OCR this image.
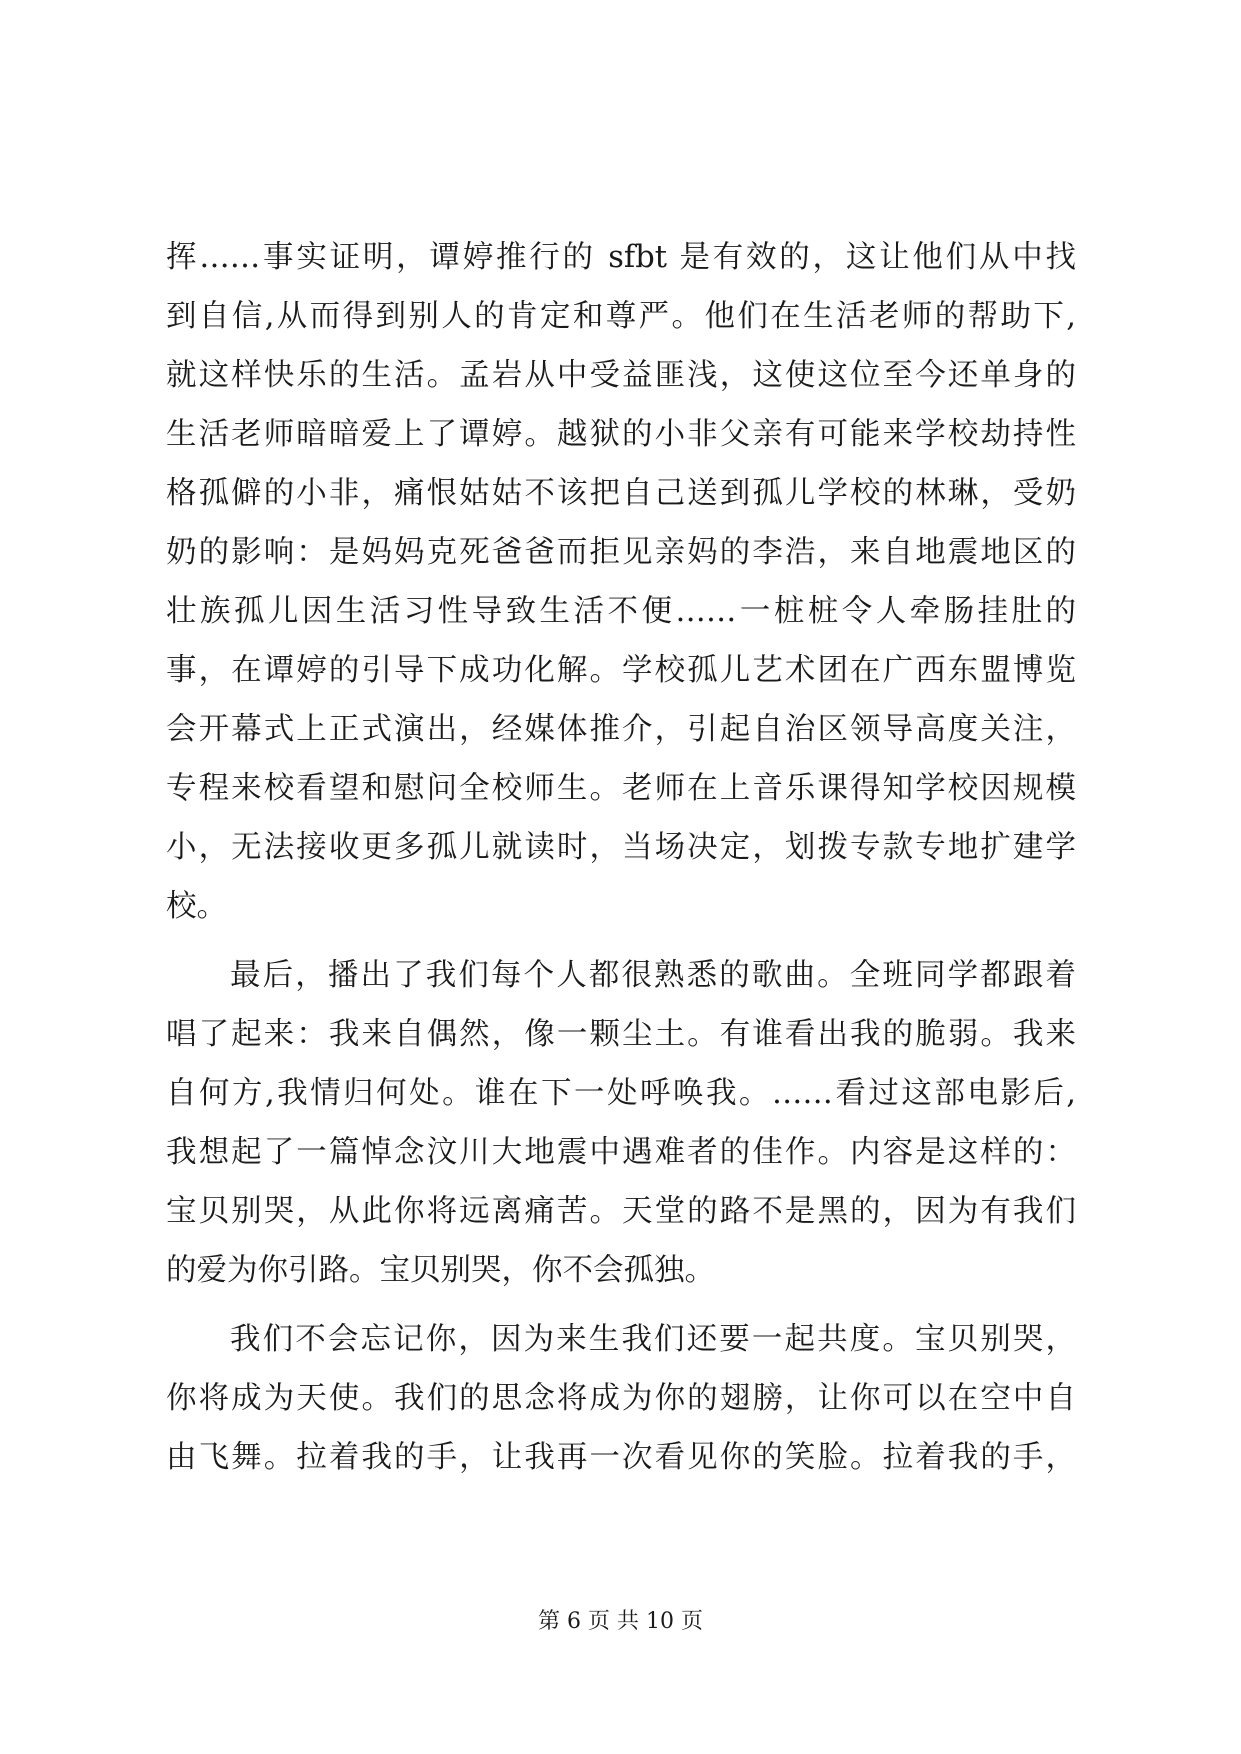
挥……事实证明，谭婷推行的 sfbt 是有效的，这让他们从中找
到自信,从而得到别人的肯定和尊严。他们在生活老师的帮助下,
就这样快乐的生活。孟岩从中受益匪浅，这使这位至今还单身的
生活老师暗暗爱上了谭婷。越狱的小非父亲有可能来学校劫持性
格孤僻的小非，痛恨姑姑不该把自己送到孤儿学校的林琳，受奶
奶的影响：是妈妈克死爸爸而拒见亲妈的李浩，来自地震地区的
壮族孤儿因生活习性导致生活不便……一桩桩令人牵肠挂肚的
事，在谭婷的引导下成功化解。学校孤儿艺术团在广西东盟博览
会开幕式上正式演出，经媒体推介，引起自治区领导高度关注，
专程来校看望和慰问全校师生。老师在上音乐课得知学校因规模
小，无法接收更多孤儿就读时，当场决定，划拨专款专地扩建学
校。
最后，播出了我们每个人都很熟悉的歌曲。全班同学都跟着
唱了起来：我来自偶然，像一颗尘土。有谁看出我的脆弱。我来
自何方,我情归何处。谁在下一处呼唤我。……看过这部电影后,
我想起了一篇悼念汶川大地震中遇难者的佳作。内容是这样的：
宝贝别哭，从此你将远离痛苦。天堂的路不是黑的，因为有我们
的爱为你引路。宝贝别哭，你不会孤独。
我们不会忘记你，因为来生我们还要一起共度。宝贝别哭，
你将成为天使。我们的思念将成为你的翅膀，让你可以在空中自
由飞舞。拉着我的手，让我再一次看见你的笑脸。拉着我的手，
第 6 页 共 10 页
